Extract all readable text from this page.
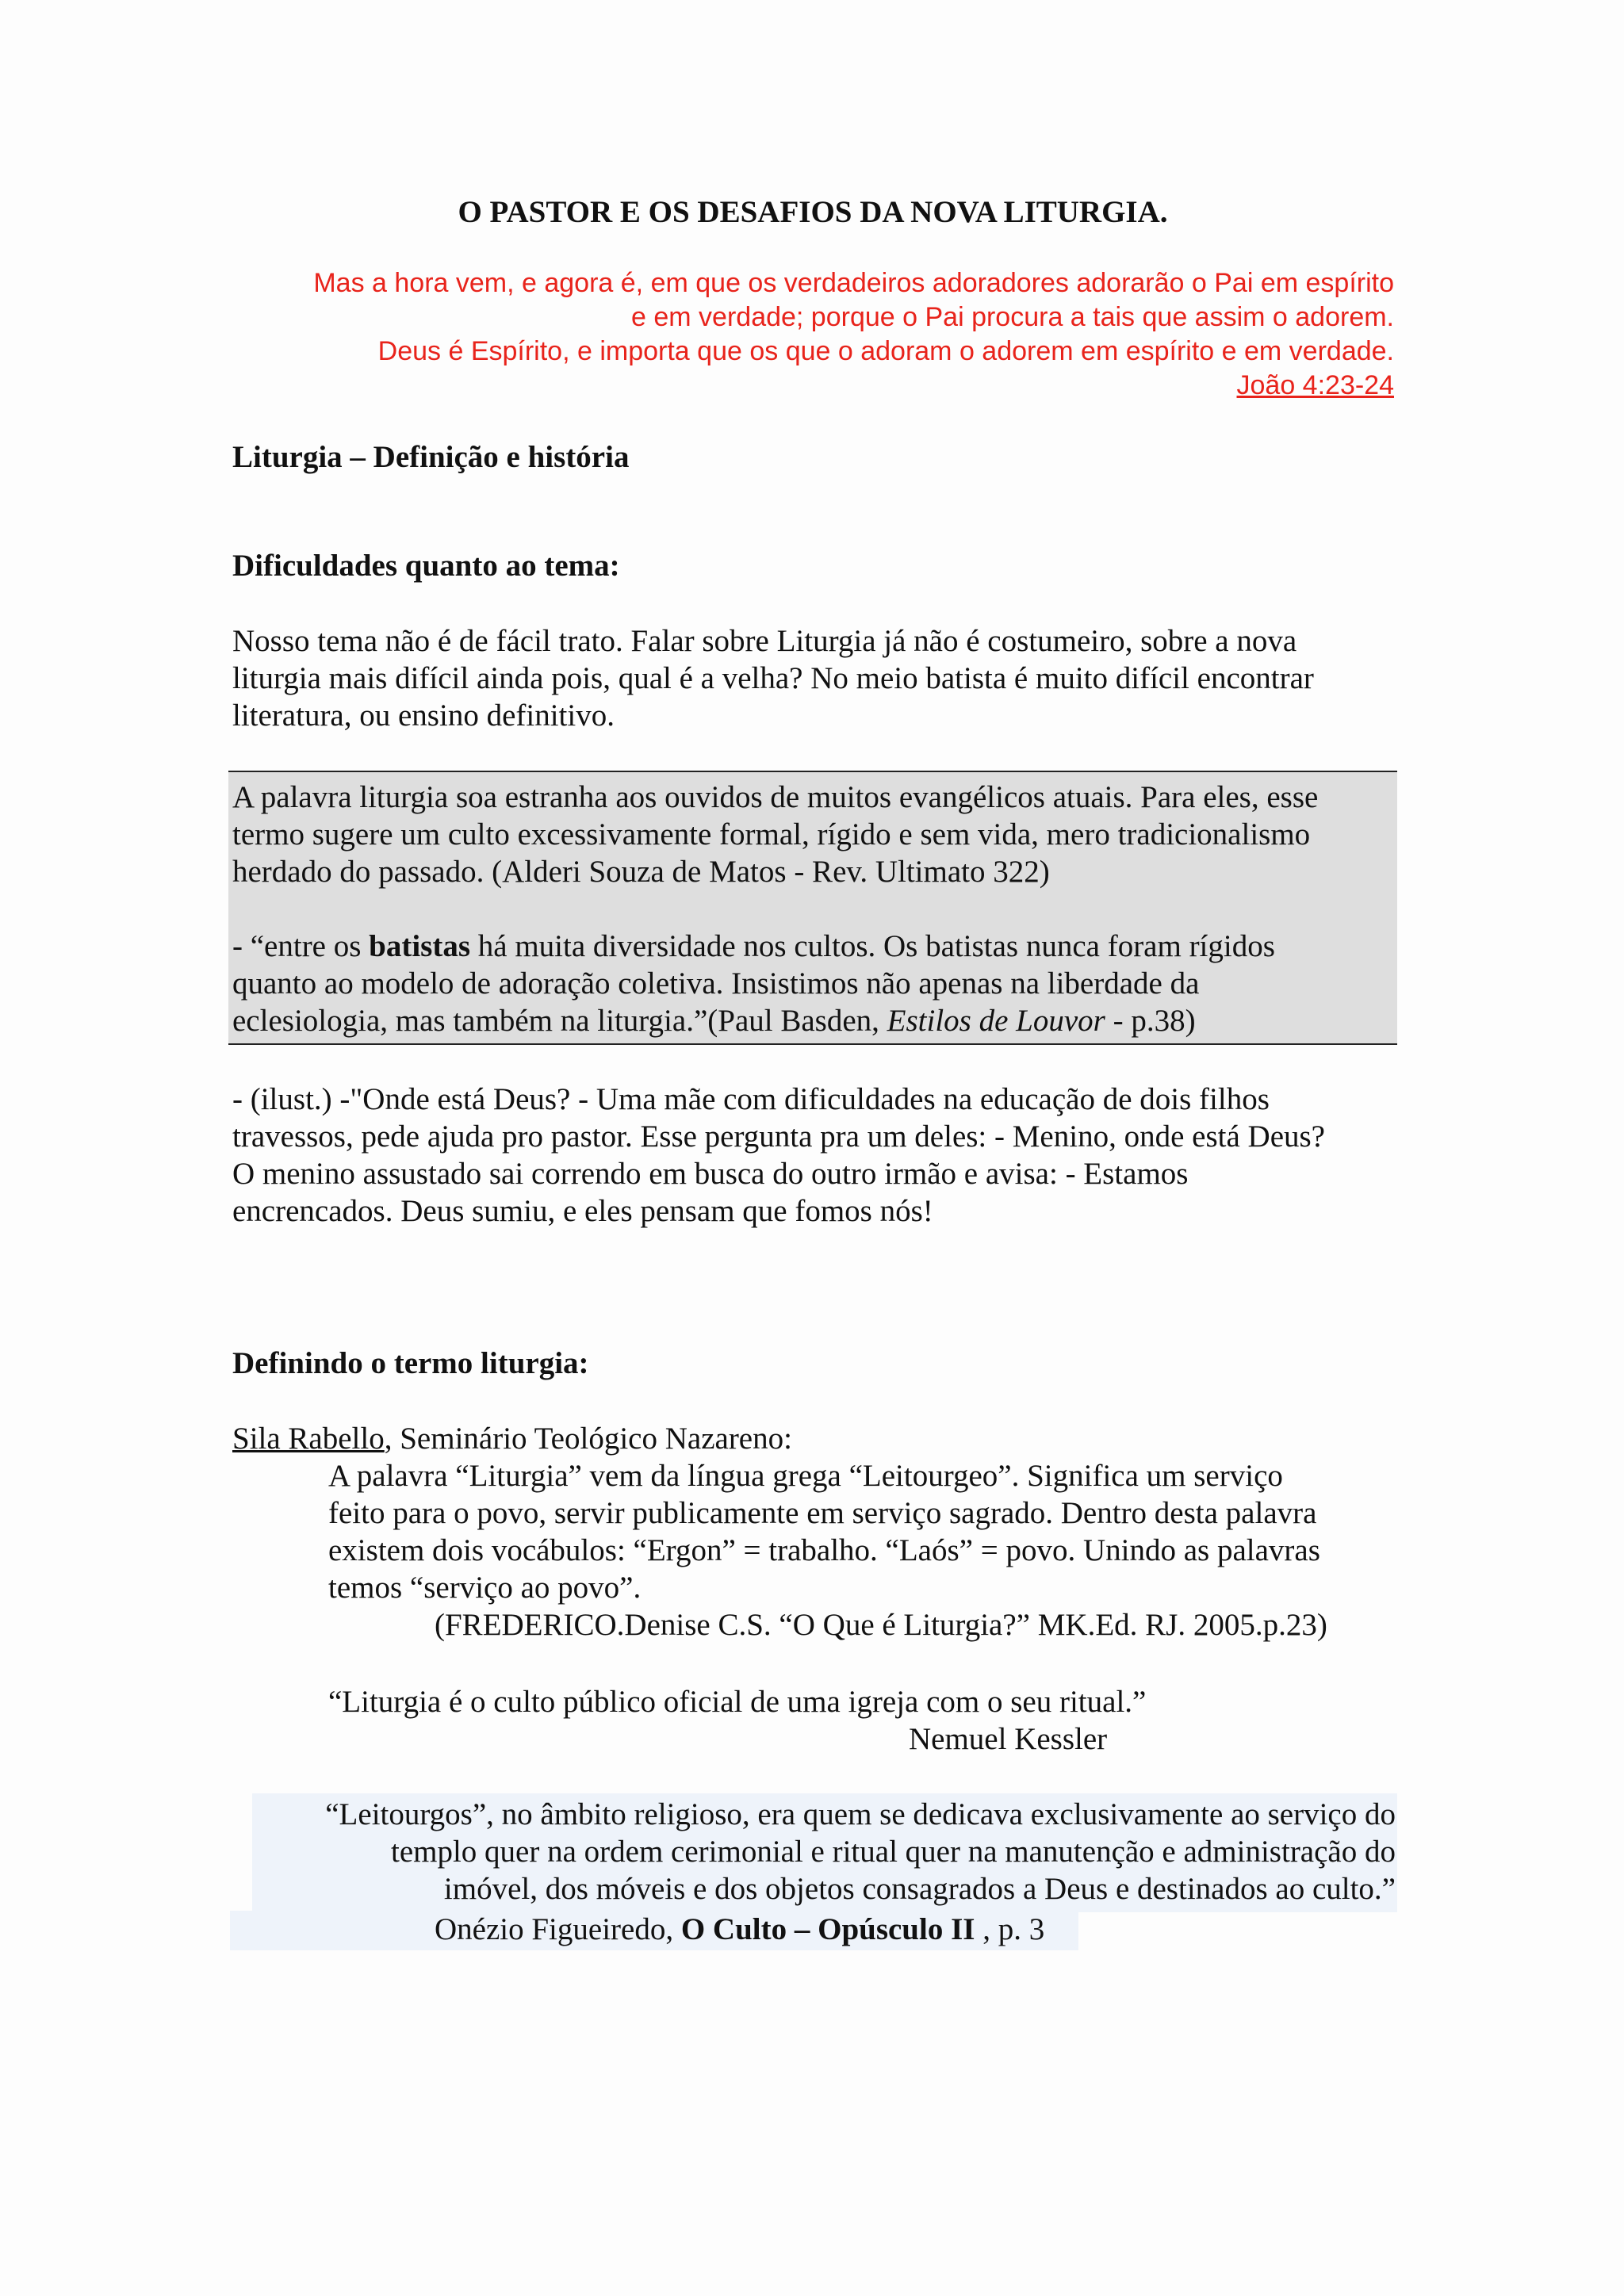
O PASTOR E OS DESAFIOS DA NOVA LITURGIA.
Mas a hora vem, e agora é, em que os verdadeiros adoradores adorarão o Pai em espírito
e em verdade; porque o Pai procura a tais que assim o adorem.
Deus é Espírito, e importa que os que o adoram o adorem em espírito e em verdade.
João 4:23-24
Liturgia – Definição e história
Dificuldades quanto ao tema:
Nosso tema não é de fácil trato. Falar sobre Liturgia já não é costumeiro, sobre a nova
liturgia mais difícil ainda pois, qual é a velha? No meio batista é muito difícil encontrar
literatura, ou ensino definitivo.
A palavra liturgia soa estranha aos ouvidos de muitos evangélicos atuais. Para eles, esse
termo sugere um culto excessivamente formal, rígido e sem vida, mero tradicionalismo
herdado do passado. (Alderi Souza de Matos - Rev. Ultimato 322)
- “entre os batistas há muita diversidade nos cultos. Os batistas nunca foram rígidos
quanto ao modelo de adoração coletiva. Insistimos não apenas na liberdade da
eclesiologia, mas também na liturgia.”(Paul Basden, Estilos de Louvor - p.38)
- (ilust.) -"Onde está Deus? - Uma mãe com dificuldades na educação de dois filhos
travessos, pede ajuda pro pastor. Esse pergunta pra um deles: - Menino, onde está Deus?
O menino assustado sai correndo em busca do outro irmão e avisa: - Estamos
encrencados. Deus sumiu, e eles pensam que fomos nós!
Definindo o termo liturgia:
Sila Rabello, Seminário Teológico Nazareno:
A palavra “Liturgia” vem da língua grega “Leitourgeo”. Significa um serviço
feito para o povo, servir publicamente em serviço sagrado. Dentro desta palavra
existem dois vocábulos: “Ergon” = trabalho. “Laós” = povo. Unindo as palavras
temos “serviço ao povo”.
(FREDERICO.Denise C.S. “O Que é Liturgia?” MK.Ed. RJ. 2005.p.23)
“Liturgia é o culto público oficial de uma igreja com o seu ritual.”
Nemuel Kessler
“Leitourgos”, no âmbito religioso, era quem se dedicava exclusivamente ao serviço do
templo quer na ordem cerimonial e ritual quer na manutenção e administração do
imóvel, dos móveis e dos objetos consagrados a Deus e destinados ao culto.”
Onézio Figueiredo, O Culto – Opúsculo II , p. 3
